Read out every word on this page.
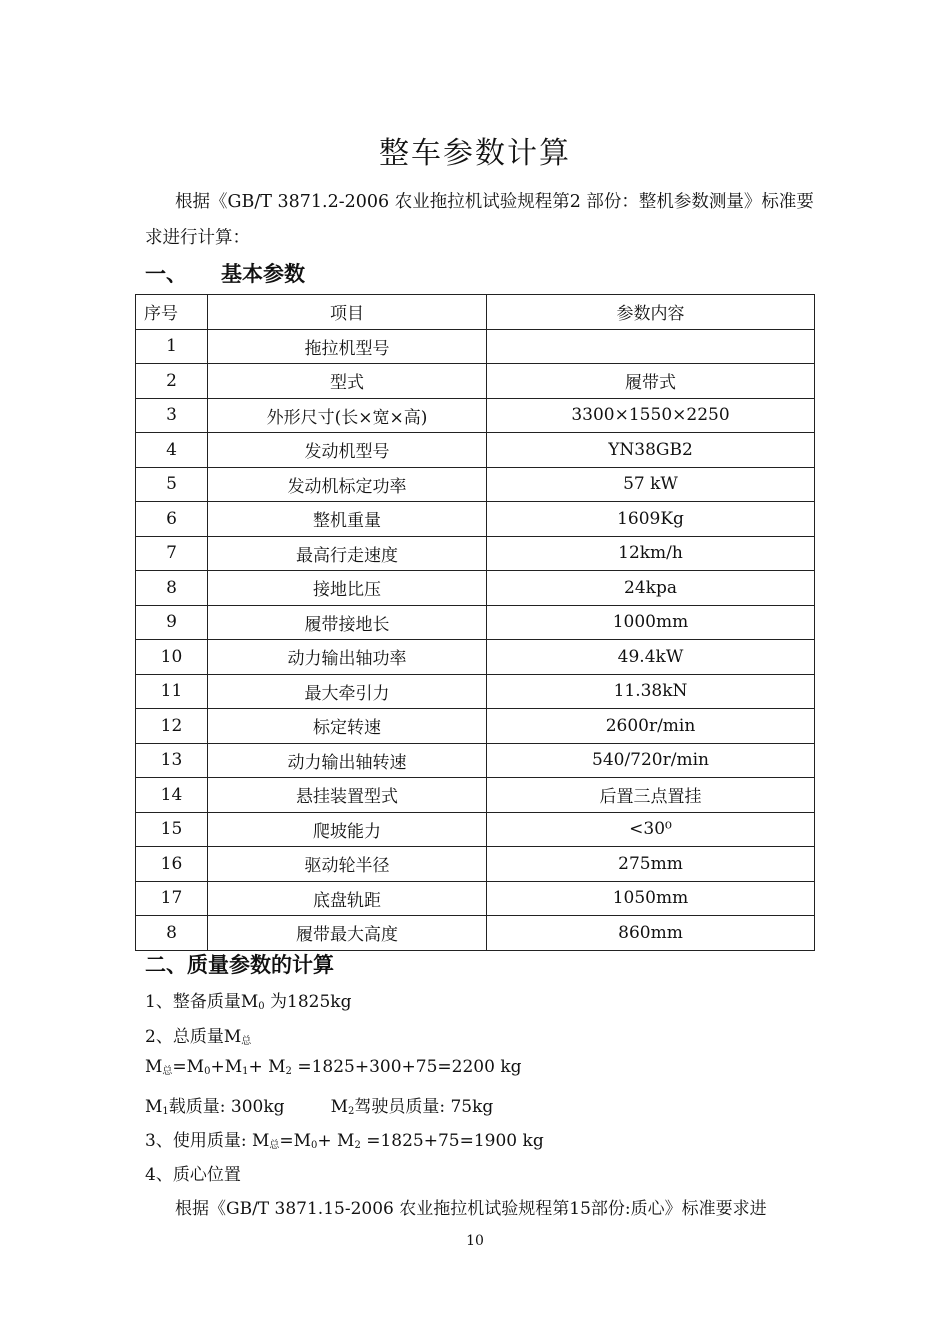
整车参数计算
根据《GB/T 3871.2-2006 农业拖拉机试验规程第2 部份：整机参数测量》标准要求进行计算：
一、 基本参数
序号	项目	参数内容
1	拖拉机型号	
2	型式	履带式
3	外形尺寸(长×宽×高)	3300×1550×2250
4	发动机型号	YN38GB2
5	发动机标定功率	57 kW
6	整机重量	1609Kg
7	最高行走速度	12km/h
8	接地比压	24kpa
9	履带接地长	1000mm
10	动力输出轴功率	49.4kW
11	最大牵引力	11.38kN
12	标定转速	2600r/min
13	动力输出轴转速	540/720r/min
14	悬挂装置型式	后置三点置挂
15	爬坡能力	<30⁰
16	驱动轮半径	275mm
17	底盘轨距	1050mm
8	履带最大高度	860mm
二、质量参数的计算
1、整备质量$M_0$ 为1825kg
2、总质量$M_总$
$M_总=M_0+M_1+ M_2 =1825+300+75=2200$ kg
$M_1$载质量: 300kg	$M_2$驾驶员质量: 75kg
3、使用质量: $M_总=M_0+ M_2 =1825+75=1900$ kg
4、质心位置
根据《GB/T 3871.15-2006 农业拖拉机试验规程第15部份:质心》标准要求进
10
